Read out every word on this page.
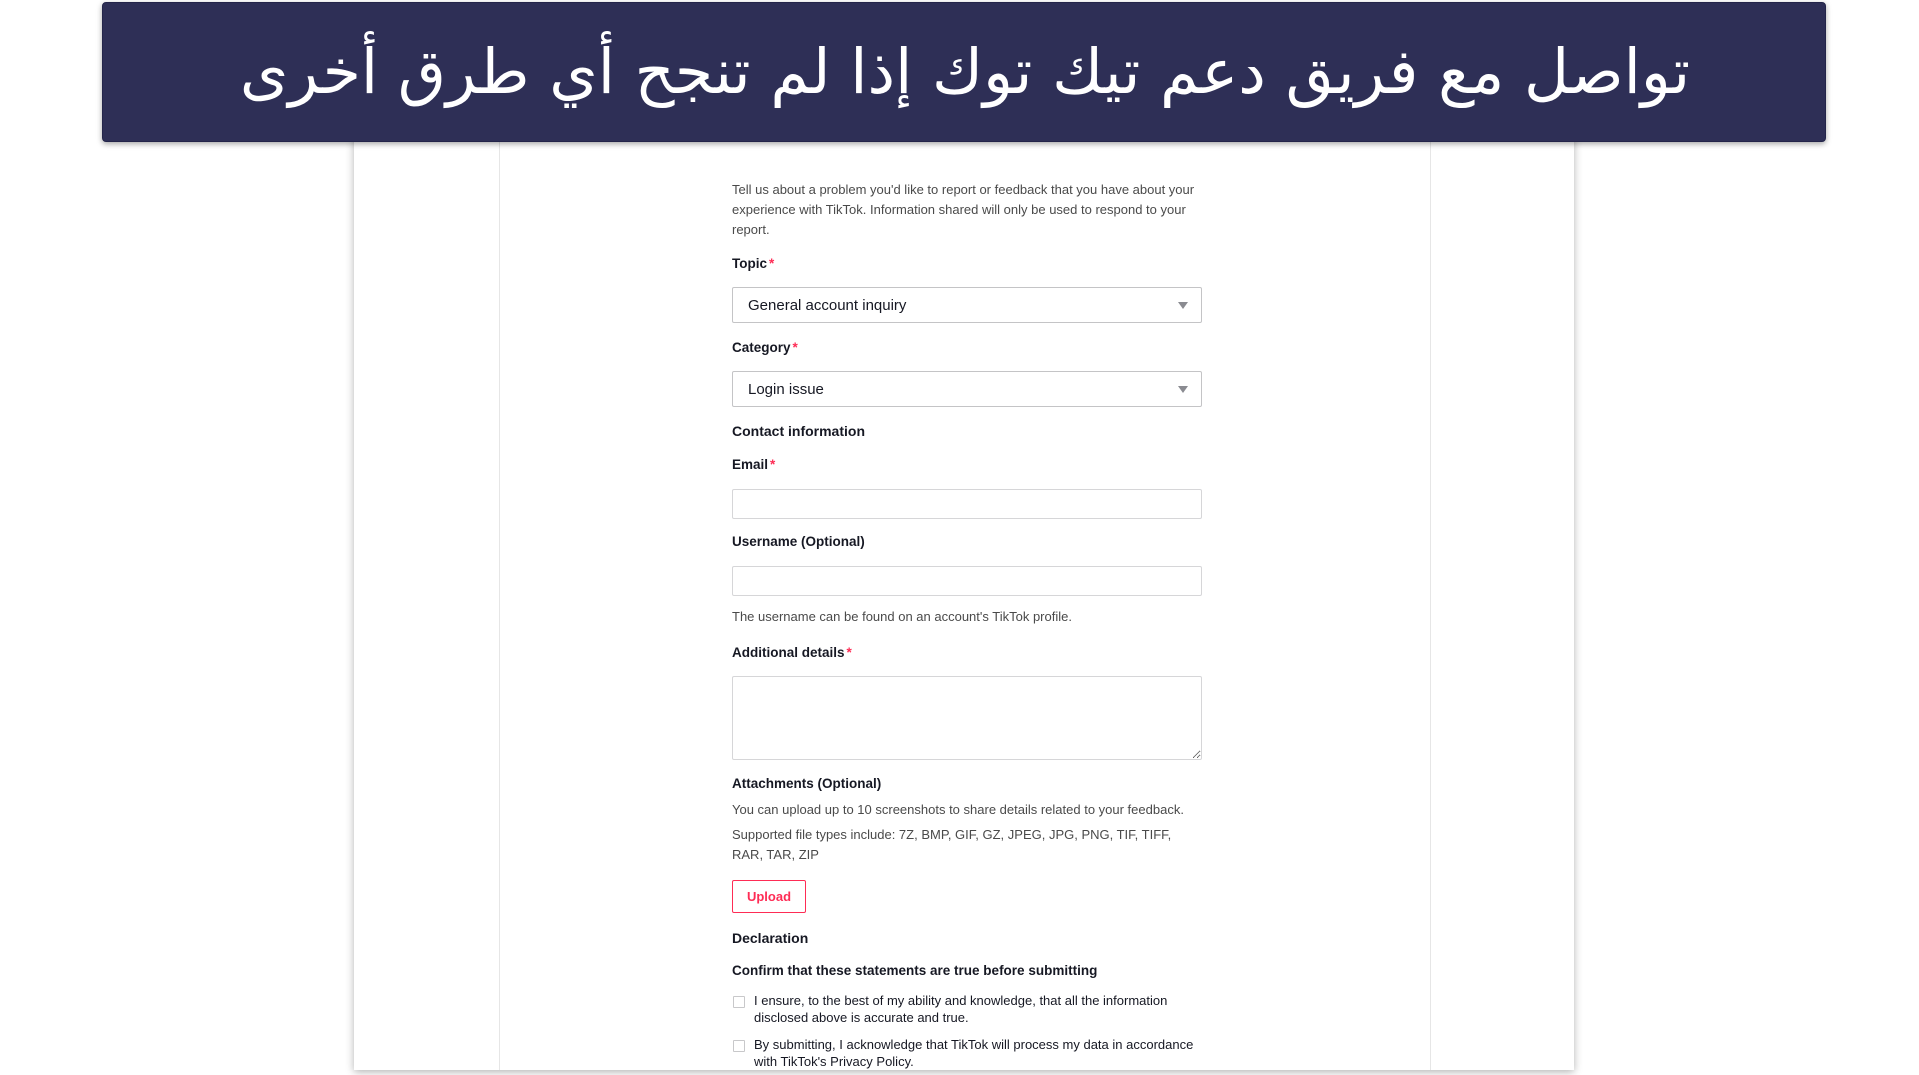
Tell us about a problem you'd like to report or feedback that you have about your experience with TikTok. Information shared will only be used to respond to your report.

Topic *
General account inquiry
Category *
Login issue
Contact information
Email *
Username (Optional)

The username can be found on an account's TikTok profile.

Additional details *
Attachments (Optional)

You can upload up to 10 screenshots to share details related to your feedback.

Supported file types include: 7Z, BMP, GIF, GZ, JPEG, JPG, PNG, TIF, TIFF, RAR, TAR, ZIP

Upload
Declaration
Confirm that these statements are true before submitting
I ensure, to the best of my ability and knowledge, that all the information disclosed above is accurate and true.
By submitting, I acknowledge that TikTok will process my data in accordance with TikTok's Privacy Policy.
تواصل مع فريق دعم تيك توك إذا لم تنجح أي طرق أخرى
